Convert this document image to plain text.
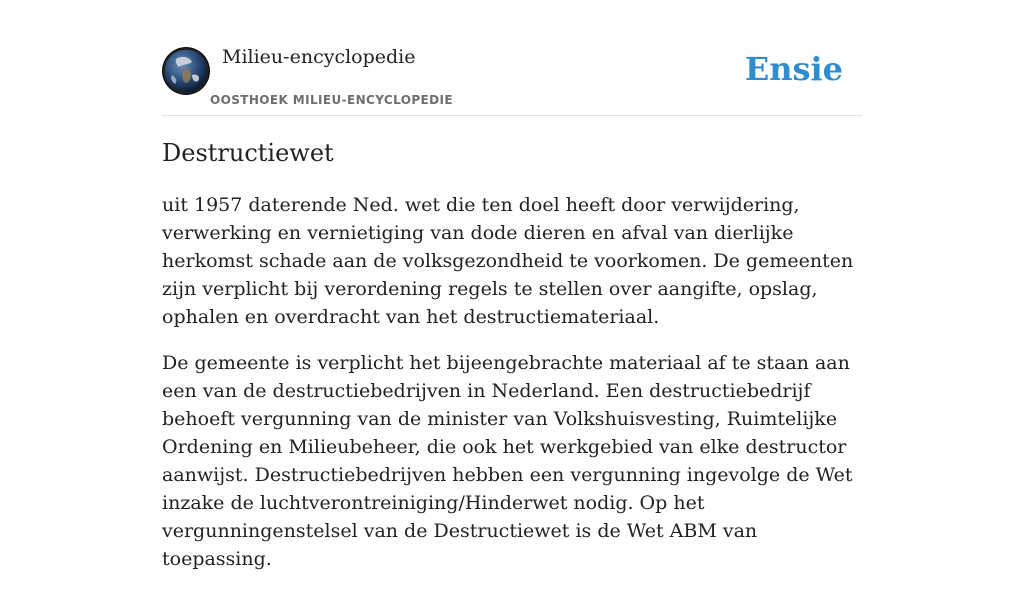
Milieu-encyclopedie
OOSTHOEK MILIEU-ENCYCLOPEDIE
Ensie
Destructiewet

uit 1957 daterende Ned. wet die ten doel heeft door verwijdering, verwerking en vernietiging van dode dieren en afval van dierlijke herkomst schade aan de volksgezondheid te voorkomen. De gemeenten zijn verplicht bij verordening regels te stellen over aangifte, opslag, ophalen en overdracht van het destructiemateriaal.

De gemeente is verplicht het bijeengebrachte materiaal af te staan aan een van de destructiebedrijven in Nederland. Een destructiebedrijf behoeft vergunning van de minister van Volkshuisvesting, Ruimtelijke Ordening en Milieubeheer, die ook het werkgebied van elke destructor aanwijst. Destructiebedrijven hebben een vergunning ingevolge de Wet inzake de luchtverontreiniging/Hinderwet nodig. Op het vergunningenstelsel van de Destructiewet is de Wet ABM van toepassing.
